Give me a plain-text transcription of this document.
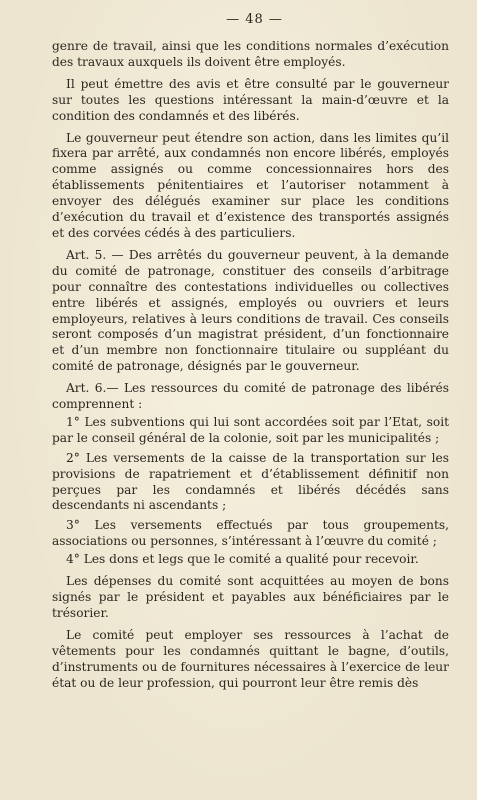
— 48 —

genre de travail, ainsi que les conditions normales d’exécution des travaux auxquels ils doivent être employés.

Il peut émettre des avis et être consulté par le gouverneur sur toutes les questions intéressant la main-d’œuvre et la condition des condamnés et des libérés.

Le gouverneur peut étendre son action, dans les limites qu’il fixera par arrêté, aux condamnés non encore libérés, employés comme assignés ou comme concessionnaires hors des établissements pénitentiaires et l’autoriser notamment à envoyer des délégués examiner sur place les conditions d’exécution du travail et d’existence des transportés assignés et des corvées cédés à des particuliers.

Art. 5. — Des arrêtés du gouverneur peuvent, à la demande du comité de patronage, constituer des conseils d’arbitrage pour connaître des contestations individuelles ou collectives entre libérés et assignés, employés ou ouvriers et leurs employeurs, relatives à leurs conditions de travail. Ces conseils seront composés d’un magistrat président, d’un fonctionnaire et d’un membre non fonctionnaire titulaire ou suppléant du comité de patronage, désignés par le gouverneur.

Art. 6.— Les ressources du comité de patronage des libérés comprennent :

1° Les subventions qui lui sont accordées soit par l’Etat, soit par le conseil général de la colonie, soit par les municipalités ;

2° Les versements de la caisse de la transportation sur les provisions de rapatriement et d’établissement définitif non perçues par les condamnés et libérés décédés sans descendants ni ascendants ;

3° Les versements effectués par tous groupements, associations ou personnes, s’intéressant à l’œuvre du comité ;

4° Les dons et legs que le comité a qualité pour recevoir.

Les dépenses du comité sont acquittées au moyen de bons signés par le président et payables aux bénéficiaires par le trésorier.

Le comité peut employer ses ressources à l’achat de vêtements pour les condamnés quittant le bagne, d’outils, d’instruments ou de fournitures nécessaires à l’exercice de leur état ou de leur profession, qui pourront leur être remis dès
